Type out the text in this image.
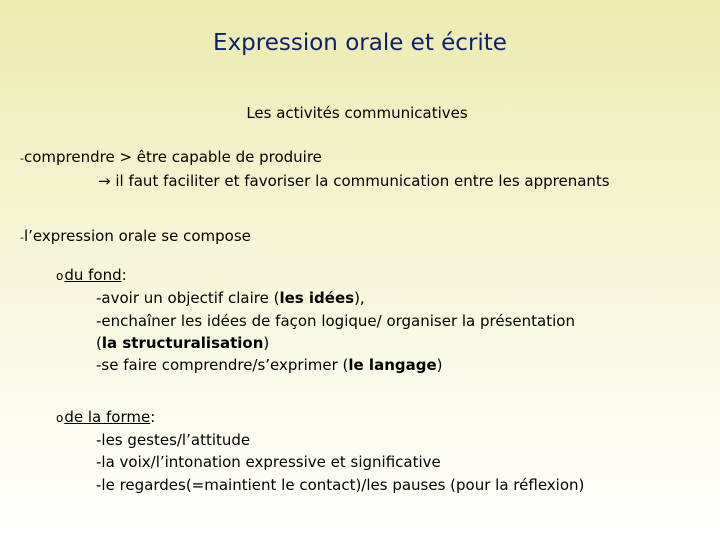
Expression orale et écrite
Les activités communicatives
-comprendre > être capable de produire
→ il faut faciliter et favoriser la communication entre les apprenants
-l’expression orale se compose
odu fond:
-avoir un objectif claire (les idées),
-enchaîner les idées de façon logique/ organiser la présentation
(la structuralisation)
-se faire comprendre/s’exprimer (le langage)
ode la forme:
-les gestes/l’attitude
-la voix/l’intonation expressive et significative
-le regardes(=maintient le contact)/les pauses (pour la réflexion)
